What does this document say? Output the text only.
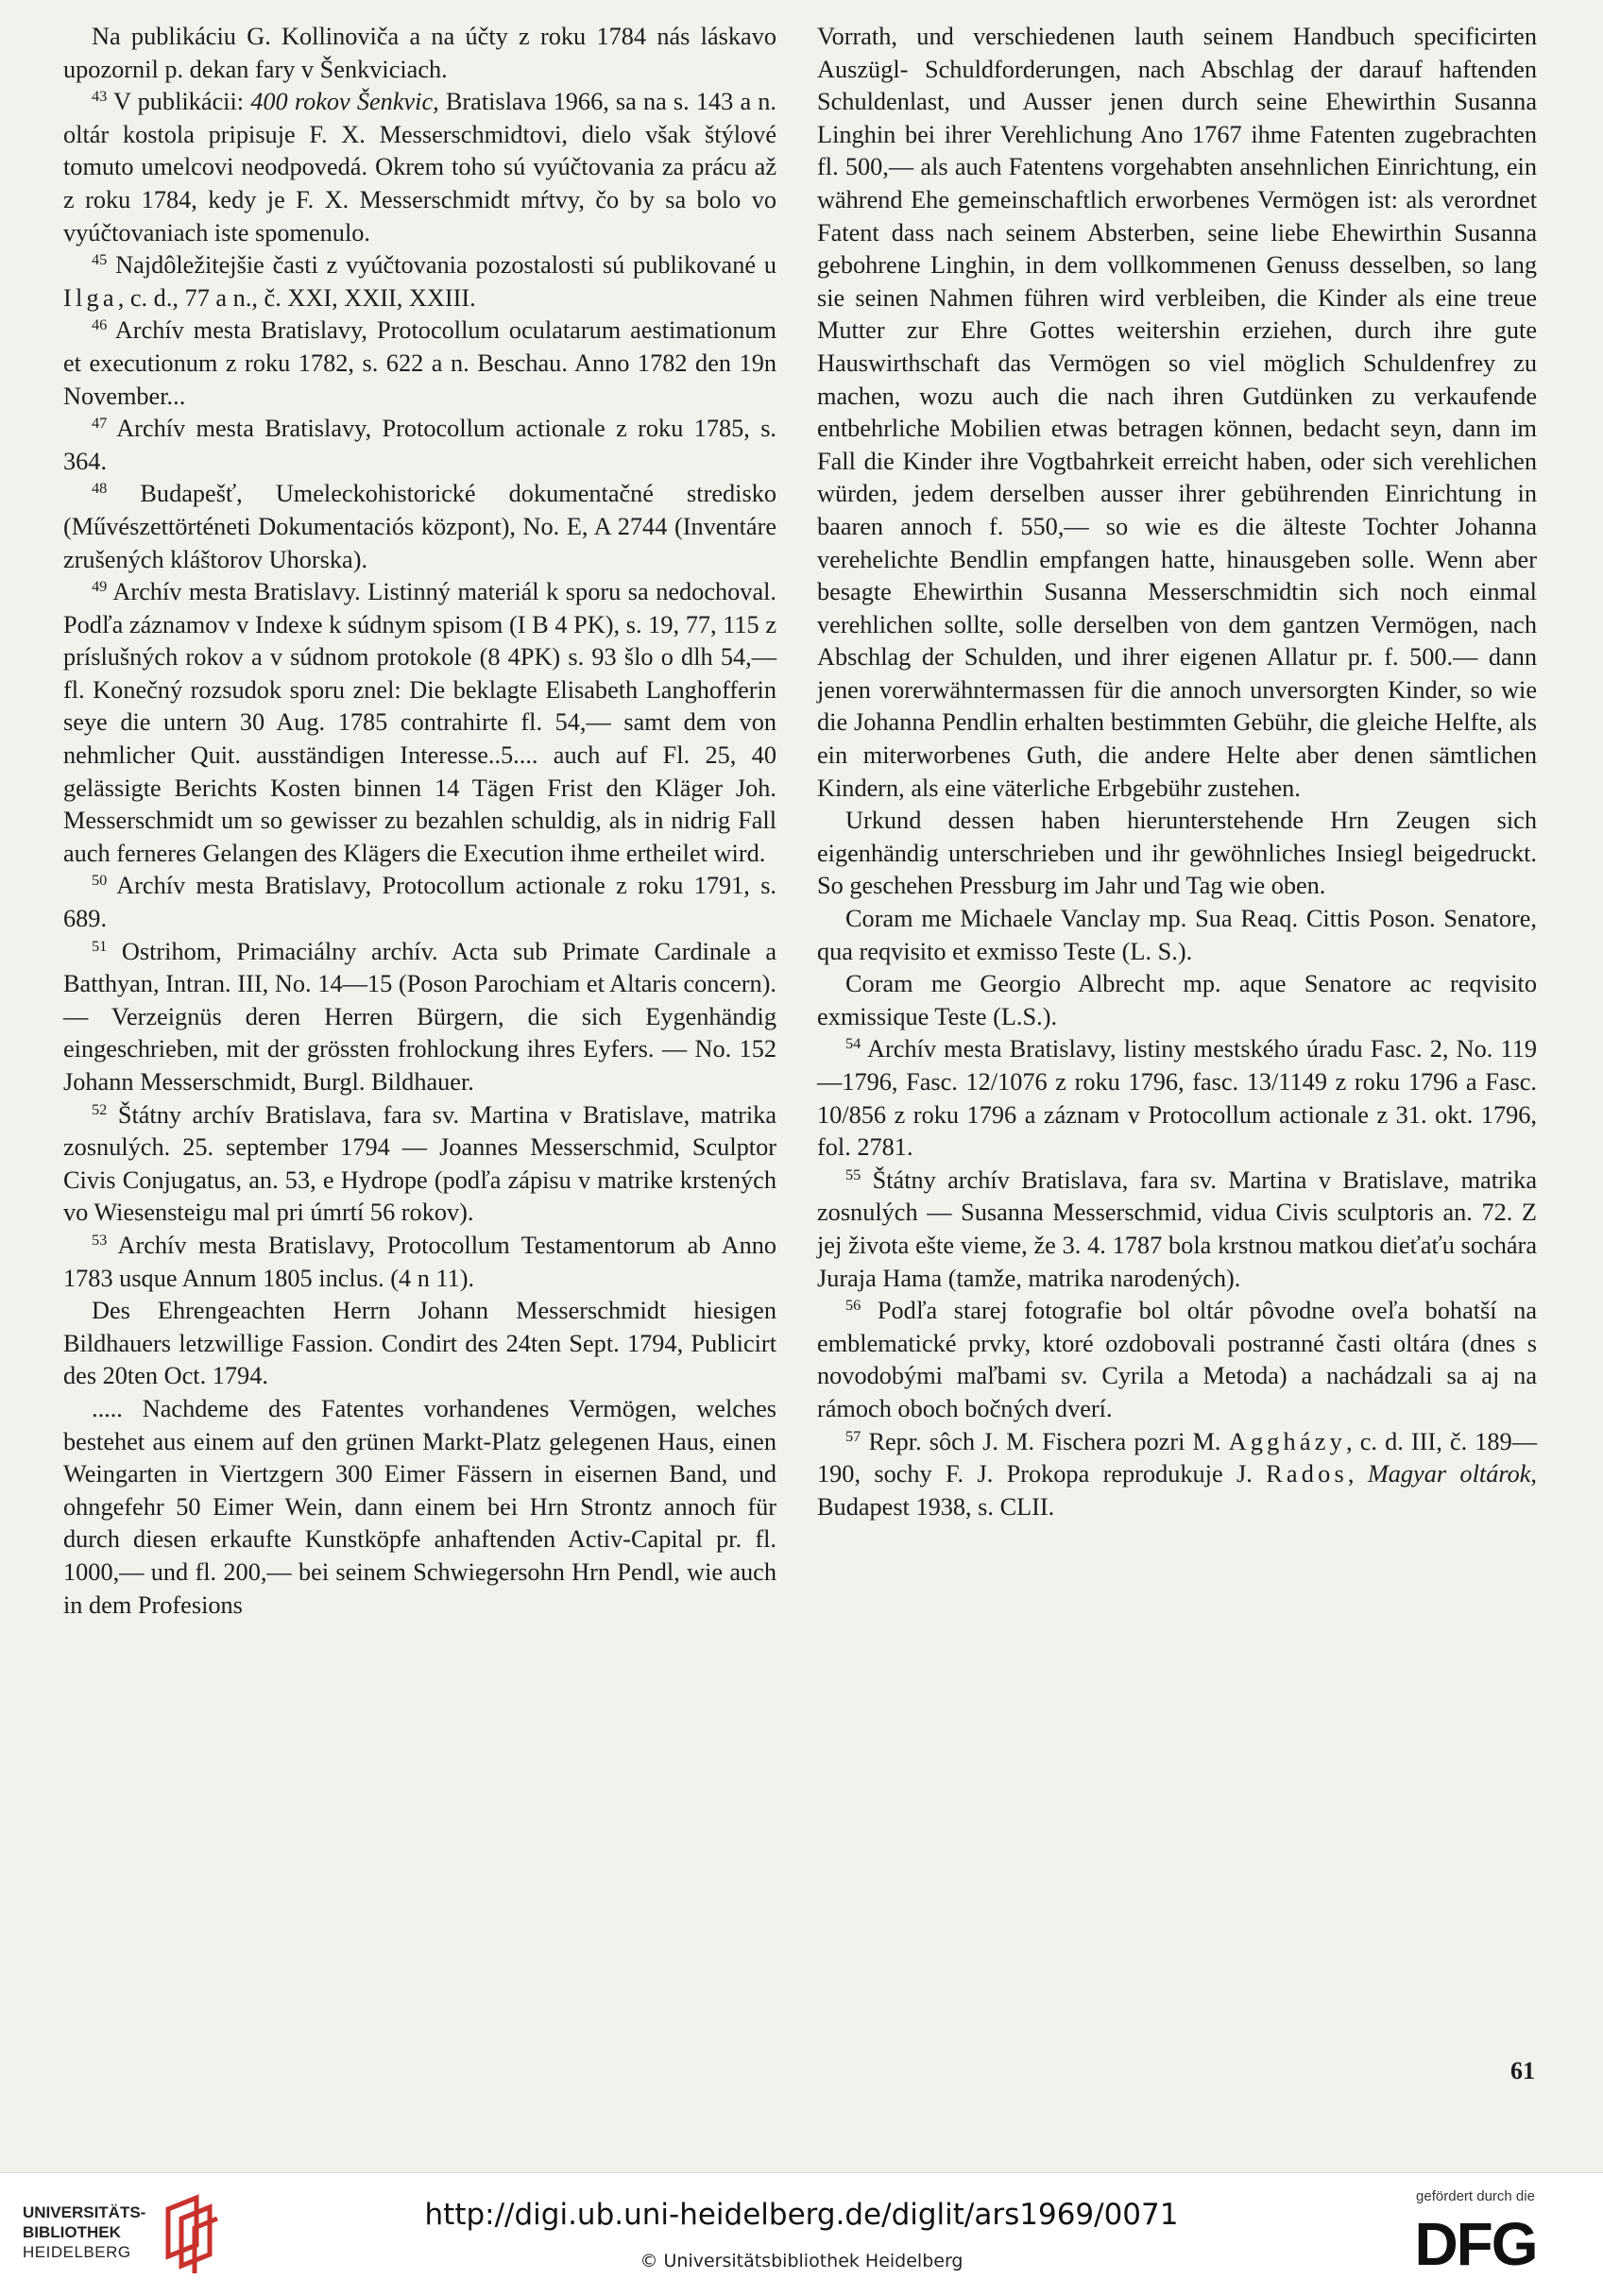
Na publikáciu G. Kollinoviča a na účty z roku 1784 nás láskavo upozornil p. dekan fary v Šenkviciach.

$^{43}$ V publikácii: 400 rokov Šenkvic, Bratislava 1966, sa na s. 143 a n. oltár kostola pripisuje F. X. Messerschmidtovi, dielo však štýlové tomuto umelcovi neodpovedá. Okrem toho sú vyúčtovania za prácu až z roku 1784, kedy je F. X. Messerschmidt mŕtvy, čo by sa bolo vo vyúčtovaniach iste spomenulo.

$^{45}$ Najdôležitejšie časti z vyúčtovania pozostalosti sú publikované u Ilga, c. d., 77 a n., č. XXI, XXII, XXIII.

$^{46}$ Archív mesta Bratislavy, Protocollum oculatarum aestimationum et executionum z roku 1782, s. 622 a n. Beschau. Anno 1782 den 19n November...

$^{47}$ Archív mesta Bratislavy, Protocollum actionale z roku 1785, s. 364.

$^{48}$ Budapešť, Umeleckohistorické dokumentačné stredisko (Művészettörténeti Dokumentaciós központ), No. E, A 2744 (Inventáre zrušených kláštorov Uhorska).

$^{49}$ Archív mesta Bratislavy. Listinný materiál k sporu sa nedochoval. Podľa záznamov v Indexe k súdnym spisom (I B 4 PK), s. 19, 77, 115 z príslušných rokov a v súdnom protokole (8 4PK) s. 93 šlo o dlh 54,— fl. Konečný rozsudok sporu znel: Die beklagte Elisabeth Langhofferin seye die untern 30 Aug. 1785 contrahirte fl. 54,— samt dem von nehmlicher Quit. ausständigen Interesse..5.... auch auf Fl. 25, 40 gelässigte Berichts Kosten binnen 14 Tägen Frist den Kläger Joh. Messerschmidt um so gewisser zu bezahlen schuldig, als in nidrig Fall auch ferneres Gelangen des Klägers die Execution ihme ertheilet wird.

$^{50}$ Archív mesta Bratislavy, Protocollum actionale z roku 1791, s. 689.

$^{51}$ Ostrihom, Primaciálny archív. Acta sub Primate Cardinale a Batthyan, Intran. III, No. 14—15 (Poson Parochiam et Altaris concern). — Verzeignüs deren Herren Bürgern, die sich Eygenhändig eingeschrieben, mit der grössten frohlockung ihres Eyfers. — No. 152 Johann Messerschmidt, Burgl. Bildhauer.

$^{52}$ Štátny archív Bratislava, fara sv. Martina v Bratislave, matrika zosnulých. 25. september 1794 — Joannes Messerschmid, Sculptor Civis Conjugatus, an. 53, e Hydrope (podľa zápisu v matrike krstených vo Wiesensteigu mal pri úmrtí 56 rokov).

$^{53}$ Archív mesta Bratislavy, Protocollum Testamentorum ab Anno 1783 usque Annum 1805 inclus. (4 n 11).

Des Ehrengeachten Herrn Johann Messerschmidt hiesigen Bildhauers letzwillige Fassion. Condirt des 24ten Sept. 1794, Publicirt des 20ten Oct. 1794.

..... Nachdeme des Fatentes vorhandenes Vermögen, welches bestehet aus einem auf den grünen Markt-Platz gelegenen Haus, einen Weingarten in Viertzgern 300 Eimer Fässern in eisernen Band, und ohngefehr 50 Eimer Wein, dann einem bei Hrn Strontz annoch für durch diesen erkaufte Kunstköpfe anhaftenden Activ-Capital pr. fl. 1000,— und fl. 200,— bei seinem Schwiegersohn Hrn Pendl, wie auch in dem Profesions

Vorrath, und verschiedenen lauth seinem Handbuch specificirten Auszügl- Schuldforderungen, nach Abschlag der darauf haftenden Schuldenlast, und Ausser jenen durch seine Ehewirthin Susanna Linghin bei ihrer Verehlichung Ano 1767 ihme Fatenten zugebrachten fl. 500,— als auch Fatentens vorgehabten ansehnlichen Einrichtung, ein während Ehe gemeinschaftlich erworbenes Vermögen ist: als verordnet Fatent dass nach seinem Absterben, seine liebe Ehewirthin Susanna gebohrene Linghin, in dem vollkommenen Genuss desselben, so lang sie seinen Nahmen führen wird verbleiben, die Kinder als eine treue Mutter zur Ehre Gottes weitershin erziehen, durch ihre gute Hauswirthschaft das Vermögen so viel möglich Schuldenfrey zu machen, wozu auch die nach ihren Gutdünken zu verkaufende entbehrliche Mobilien etwas betragen können, bedacht seyn, dann im Fall die Kinder ihre Vogtbahrkeit erreicht haben, oder sich verehlichen würden, jedem derselben ausser ihrer gebührenden Einrichtung in baaren annoch f. 550,— so wie es die älteste Tochter Johanna verehelichte Bendlin empfangen hatte, hinausgeben solle. Wenn aber besagte Ehewirthin Susanna Messerschmidtin sich noch einmal verehlichen sollte, solle derselben von dem gantzen Vermögen, nach Abschlag der Schulden, und ihrer eigenen Allatur pr. f. 500.— dann jenen vorerwähntermassen für die annoch unversorgten Kinder, so wie die Johanna Pendlin erhalten bestimmten Gebühr, die gleiche Helfte, als ein miterworbenes Guth, die andere Helte aber denen sämtlichen Kindern, als eine väterliche Erbgebühr zustehen.

Urkund dessen haben hierunterstehende Hrn Zeugen sich eigenhändig unterschrieben und ihr gewöhnliches Insiegl beigedruckt. So geschehen Pressburg im Jahr und Tag wie oben.

Coram me Michaele Vanclay mp. Sua Reaq. Cittis Poson. Senatore, qua reqvisito et exmisso Teste (L. S.).

Coram me Georgio Albrecht mp. aque Senatore ac reqvisito exmissique Teste (L.S.).

$^{54}$ Archív mesta Bratislavy, listiny mestského úradu Fasc. 2, No. 119—1796, Fasc. 12/1076 z roku 1796, fasc. 13/1149 z roku 1796 a Fasc. 10/856 z roku 1796 a záznam v Protocollum actionale z 31. okt. 1796, fol. 2781.

$^{55}$ Štátny archív Bratislava, fara sv. Martina v Bratislave, matrika zosnulých — Susanna Messerschmid, vidua Civis sculptoris an. 72. Z jej života ešte vieme, že 3. 4. 1787 bola krstnou matkou dieťaťu sochára Juraja Hama (tamže, matrika narodených).

$^{56}$ Podľa starej fotografie bol oltár pôvodne oveľa bohatší na emblematické prvky, ktoré ozdobovali postranné časti oltára (dnes s novodobými maľbami sv. Cyrila a Metoda) a nachádzali sa aj na rámoch oboch bočných dverí.

$^{57}$ Repr. sôch J. M. Fischera pozri M. Aggházy, c. d. III, č. 189—190, sochy F. J. Prokopa reprodukuje J. Rados, Magyar oltárok, Budapest 1938, s. CLII.

61
UNIVERSITÄTS-
BIBLIOTHEK
HEIDELBERG
http://digi.ub.uni-heidelberg.de/diglit/ars1969/0071
© Universitätsbibliothek Heidelberg
gefördert durch die
DFG
